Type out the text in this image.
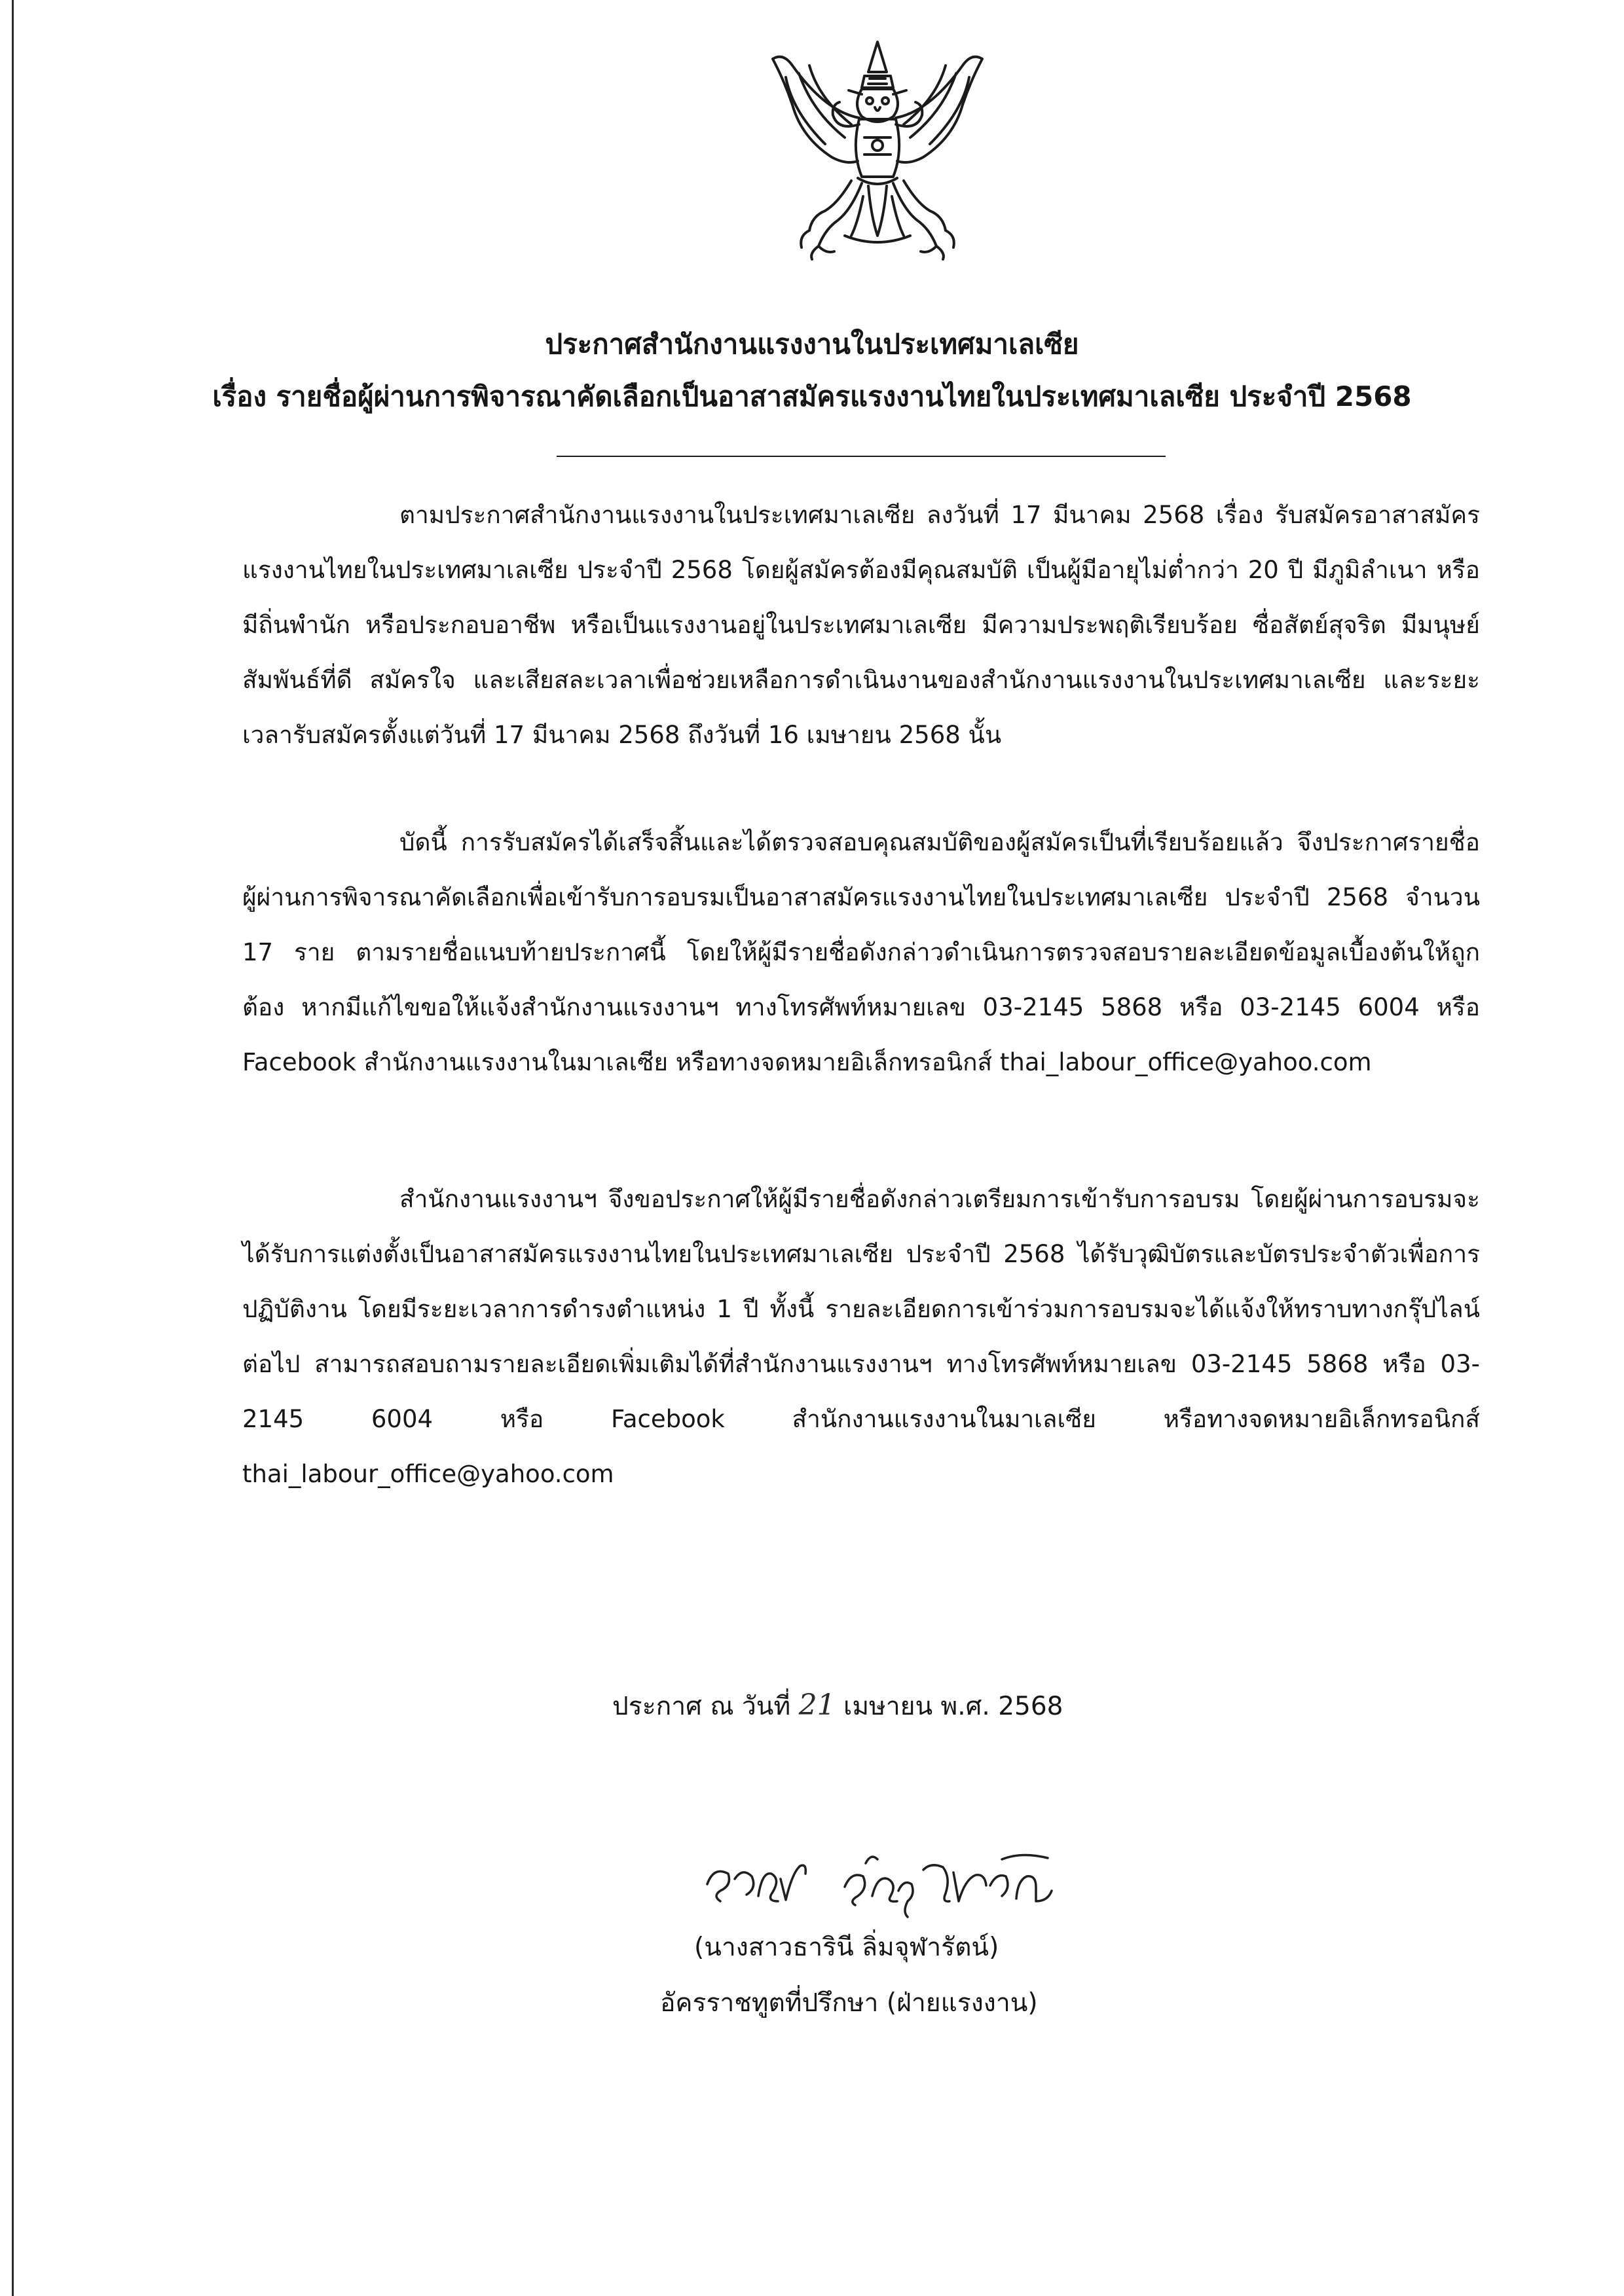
ประกาศสำนักงานแรงงานในประเทศมาเลเซีย
เรื่อง รายชื่อผู้ผ่านการพิจารณาคัดเลือกเป็นอาสาสมัครแรงงานไทยในประเทศมาเลเซีย ประจำปี 2568
ตามประกาศสำนักงานแรงงานในประเทศมาเลเซีย ลงวันที่ 17 มีนาคม 2568 เรื่อง รับสมัครอาสาสมัครแรงงานไทยในประเทศมาเลเซีย ประจำปี 2568 โดยผู้สมัครต้องมีคุณสมบัติ เป็นผู้มีอายุไม่ต่ำกว่า 20 ปี มีภูมิลำเนา หรือมีถิ่นพำนัก หรือประกอบอาชีพ หรือเป็นแรงงานอยู่ในประเทศมาเลเซีย มีความประพฤติเรียบร้อย ซื่อสัตย์สุจริต มีมนุษย์สัมพันธ์ที่ดี สมัครใจ และเสียสละเวลาเพื่อช่วยเหลือการดำเนินงานของสำนักงานแรงงานในประเทศมาเลเซีย และระยะเวลารับสมัครตั้งแต่วันที่ 17 มีนาคม 2568 ถึงวันที่ 16 เมษายน 2568 นั้น
บัดนี้ การรับสมัครได้เสร็จสิ้นและได้ตรวจสอบคุณสมบัติของผู้สมัครเป็นที่เรียบร้อยแล้ว จึงประกาศรายชื่อผู้ผ่านการพิจารณาคัดเลือกเพื่อเข้ารับการอบรมเป็นอาสาสมัครแรงงานไทยในประเทศมาเลเซีย ประจำปี 2568 จำนวน 17 ราย ตามรายชื่อแนบท้ายประกาศนี้ โดยให้ผู้มีรายชื่อดังกล่าวดำเนินการตรวจสอบรายละเอียดข้อมูลเบื้องต้นให้ถูกต้อง หากมีแก้ไขขอให้แจ้งสำนักงานแรงงานฯ ทางโทรศัพท์หมายเลข 03-2145 5868 หรือ 03-2145 6004 หรือ Facebook สำนักงานแรงงานในมาเลเซีย หรือทางจดหมายอิเล็กทรอนิกส์ thai_labour_office@yahoo.com
สำนักงานแรงงานฯ จึงขอประกาศให้ผู้มีรายชื่อดังกล่าวเตรียมการเข้ารับการอบรม โดยผู้ผ่านการอบรมจะได้รับการแต่งตั้งเป็นอาสาสมัครแรงงานไทยในประเทศมาเลเซีย ประจำปี 2568 ได้รับวุฒิบัตรและบัตรประจำตัวเพื่อการปฏิบัติงาน โดยมีระยะเวลาการดำรงตำแหน่ง 1 ปี ทั้งนี้ รายละเอียดการเข้าร่วมการอบรมจะได้แจ้งให้ทราบทางกรุ๊ปไลน์ต่อไป สามารถสอบถามรายละเอียดเพิ่มเติมได้ที่สำนักงานแรงงานฯ ทางโทรศัพท์หมายเลข 03-2145 5868 หรือ 03-2145 6004 หรือ Facebook สำนักงานแรงงานในมาเลเซีย หรือทางจดหมายอิเล็กทรอนิกส์ thai_labour_office@yahoo.com
ประกาศ ณ วันที่ 21 เมษายน พ.ศ. 2568
(นางสาวธารินี ลิ่มจุฬารัตน์)
อัครราชทูตที่ปรึกษา (ฝ่ายแรงงาน)
